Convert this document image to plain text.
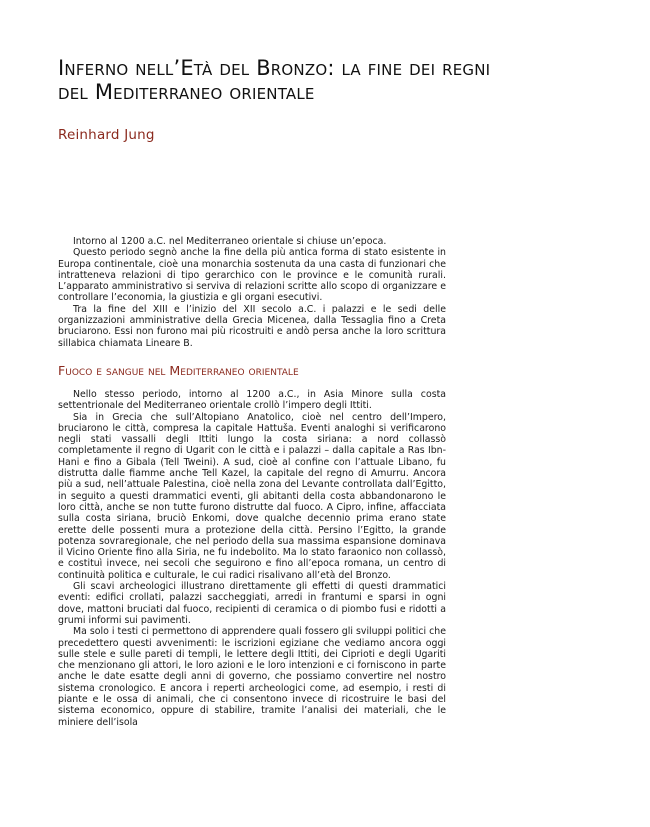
Inferno nell’Età del Bronzo: la fine dei regni
del Mediterraneo orientale
Reinhard Jung

Intorno al 1200 a.C. nel Mediterraneo orientale si chiuse un’epoca.

Questo periodo segnò anche la fine della più antica forma di stato esistente in Europa continentale, cioè una monarchia sostenuta da una casta di funzionari che intratteneva relazioni di tipo gerarchico con le province e le comunità rurali. L’apparato amministrativo si serviva di relazioni scritte allo scopo di organizzare e controllare l’economia, la giustizia e gli organi esecutivi.

Tra la fine del XIII e l’inizio del XII secolo a.C. i palazzi e le sedi delle organizzazioni amministrative della Grecia Micenea, dalla Tessaglia fino a Creta bruciarono. Essi non furono mai più ricostruiti e andò persa anche la loro scrittura sillabica chiamata Lineare B.

Fuoco e sangue nel Mediterraneo orientale

Nello stesso periodo, intorno al 1200 a.C., in Asia Minore sulla costa settentrionale del Mediterraneo orientale crollò l’impero degli Ittiti.

Sia in Grecia che sull’Altopiano Anatolico, cioè nel centro dell’Impero, bruciarono le città, compresa la capitale Hattuša. Eventi analoghi si verificarono negli stati vassalli degli Ittiti lungo la costa siriana: a nord collassò completamente il regno di Ugarit con le città e i palazzi – dalla capitale a Ras Ibn-Hani e fino a Gibala (Tell Tweini). A sud, cioè al confine con l’attuale Libano, fu distrutta dalle fiamme anche Tell Kazel, la capitale del regno di Amurru. Ancora più a sud, nell’attuale Palestina, cioè nella zona del Levante controllata dall’Egitto, in seguito a questi drammatici eventi, gli abitanti della costa abbandonarono le loro città, anche se non tutte furono distrutte dal fuoco. A Cipro, infine, affacciata sulla costa siriana, bruciò Enkomi, dove qualche decennio prima erano state erette delle possenti mura a protezione della città. Persino l’Egitto, la grande potenza sovraregionale, che nel periodo della sua massima espansione dominava il Vicino Oriente fino alla Siria, ne fu indebolito. Ma lo stato faraonico non collassò, e costituì invece, nei secoli che seguirono e fino all’epoca romana, un centro di continuità politica e culturale, le cui radici risalivano all’età del Bronzo.

Gli scavi archeologici illustrano direttamente gli effetti di questi drammatici eventi: edifici crollati, palazzi saccheggiati, arredi in frantumi e sparsi in ogni dove, mattoni bruciati dal fuoco, recipienti di ceramica o di piombo fusi e ridotti a grumi informi sui pavimenti.

Ma solo i testi ci permettono di apprendere quali fossero gli sviluppi politici che precedettero questi avvenimenti: le iscrizioni egiziane che vediamo ancora oggi sulle stele e sulle pareti di templi, le lettere degli Ittiti, dei Ciprioti e degli Ugariti che menzionano gli attori, le loro azioni e le loro intenzioni e ci forniscono in parte anche le date esatte degli anni di governo, che possiamo convertire nel nostro sistema cronologico. E ancora i reperti archeologici come, ad esempio, i resti di piante e le ossa di animali, che ci consentono invece di ricostruire le basi del sistema economico, oppure di stabilire, tramite l’analisi dei materiali, che le miniere dell’isola
